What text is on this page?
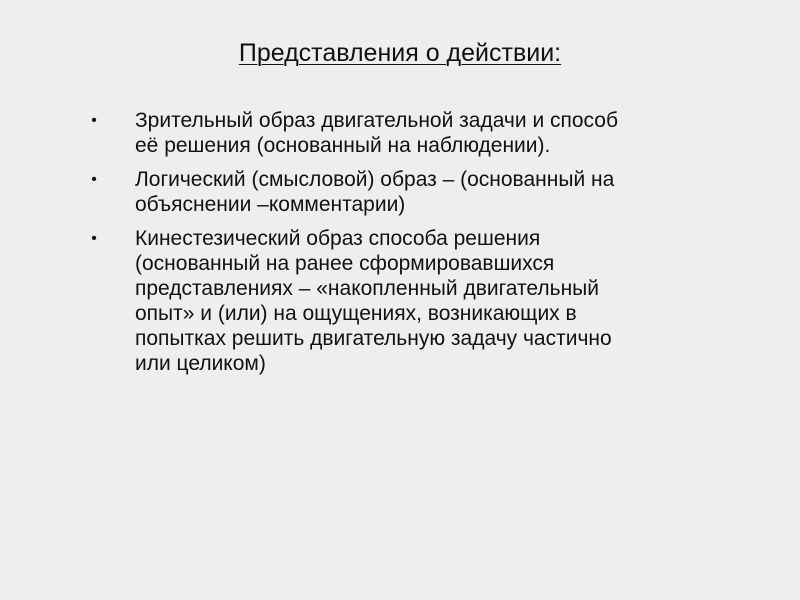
Представления о действии:
•	Зрительный образ двигательной задачи и способ
её решения (основанный на наблюдении).
•	Логический (смысловой) образ – (основанный на
объяснении –комментарии)
•	Кинестезический образ способа решения
(основанный на ранее сформировавшихся
представлениях – «накопленный двигательный
опыт» и (или) на ощущениях, возникающих в
попытках решить двигательную задачу частично
или целиком)
